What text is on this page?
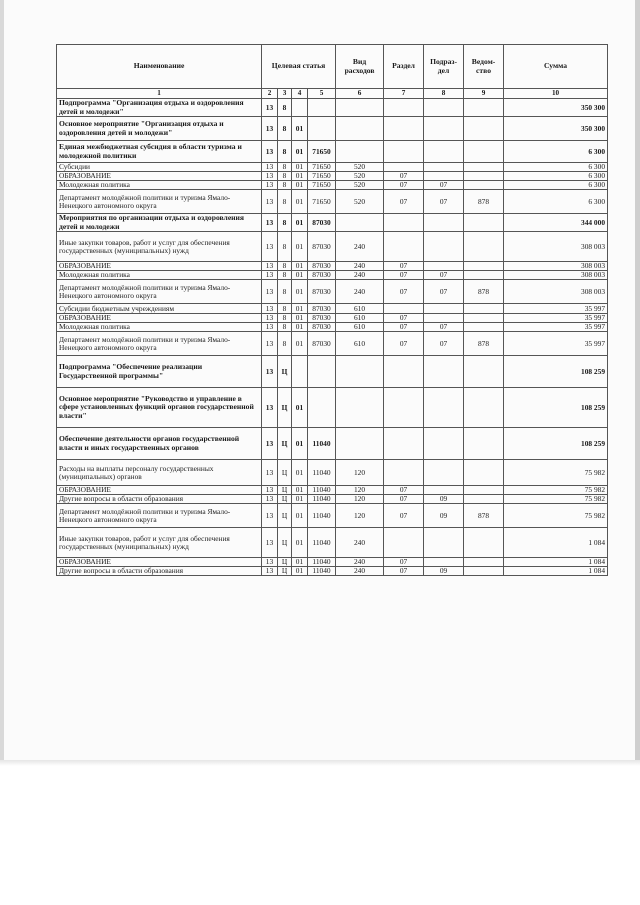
Наименование	Целевая статья				Вид расходов	Раздел	Подраз-дел	Ведом-ство	Сумма
1	2	3	4	5	6	7	8	9	10
Подпрограмма "Организация отдыха и оздоровления детей и молодежи"	13	8							350 300
Основное мероприятие "Организация отдыха и оздоровления детей и молодежи"	13	8	01						350 300
Единая межбюджетная субсидия в области туризма и молодежной политики	13	8	01	71650					6 300
Субсидии	13	8	01	71650	520				6 300
ОБРАЗОВАНИЕ	13	8	01	71650	520	07			6 300
Молодежная политика	13	8	01	71650	520	07	07		6 300
Департамент молодёжной политики и туризма Ямало-Ненецкого автономного округа	13	8	01	71650	520	07	07	878	6 300
Мероприятия по организации отдыха и оздоровления детей и молодежи	13	8	01	87030					344 000
Иные закупки товаров, работ и услуг для обеспечения государственных (муниципальных) нужд	13	8	01	87030	240				308 003
ОБРАЗОВАНИЕ	13	8	01	87030	240	07			308 003
Молодежная политика	13	8	01	87030	240	07	07		308 003
Департамент молодёжной политики и туризма Ямало-Ненецкого автономного округа	13	8	01	87030	240	07	07	878	308 003
Субсидии бюджетным учреждениям	13	8	01	87030	610				35 997
ОБРАЗОВАНИЕ	13	8	01	87030	610	07			35 997
Молодежная политика	13	8	01	87030	610	07	07		35 997
Департамент молодёжной политики и туризма Ямало-Ненецкого автономного округа	13	8	01	87030	610	07	07	878	35 997
Подпрограмма "Обеспечение реализации Государственной программы"	13	Ц							108 259
Основное мероприятие "Руководство и управление в сфере установленных функций органов государственной власти"	13	Ц	01						108 259
Обеспечение деятельности органов государственной власти и иных государственных органов	13	Ц	01	11040					108 259
Расходы на выплаты персоналу государственных (муниципальных) органов	13	Ц	01	11040	120				75 982
ОБРАЗОВАНИЕ	13	Ц	01	11040	120	07			75 982
Другие вопросы в области образования	13	Ц	01	11040	120	07	09		75 982
Департамент молодёжной политики и туризма Ямало-Ненецкого автономного округа	13	Ц	01	11040	120	07	09	878	75 982
Иные закупки товаров, работ и услуг для обеспечения государственных (муниципальных) нужд	13	Ц	01	11040	240				1 084
ОБРАЗОВАНИЕ	13	Ц	01	11040	240	07			1 084
Другие вопросы в области образования	13	Ц	01	11040	240	07	09		1 084
